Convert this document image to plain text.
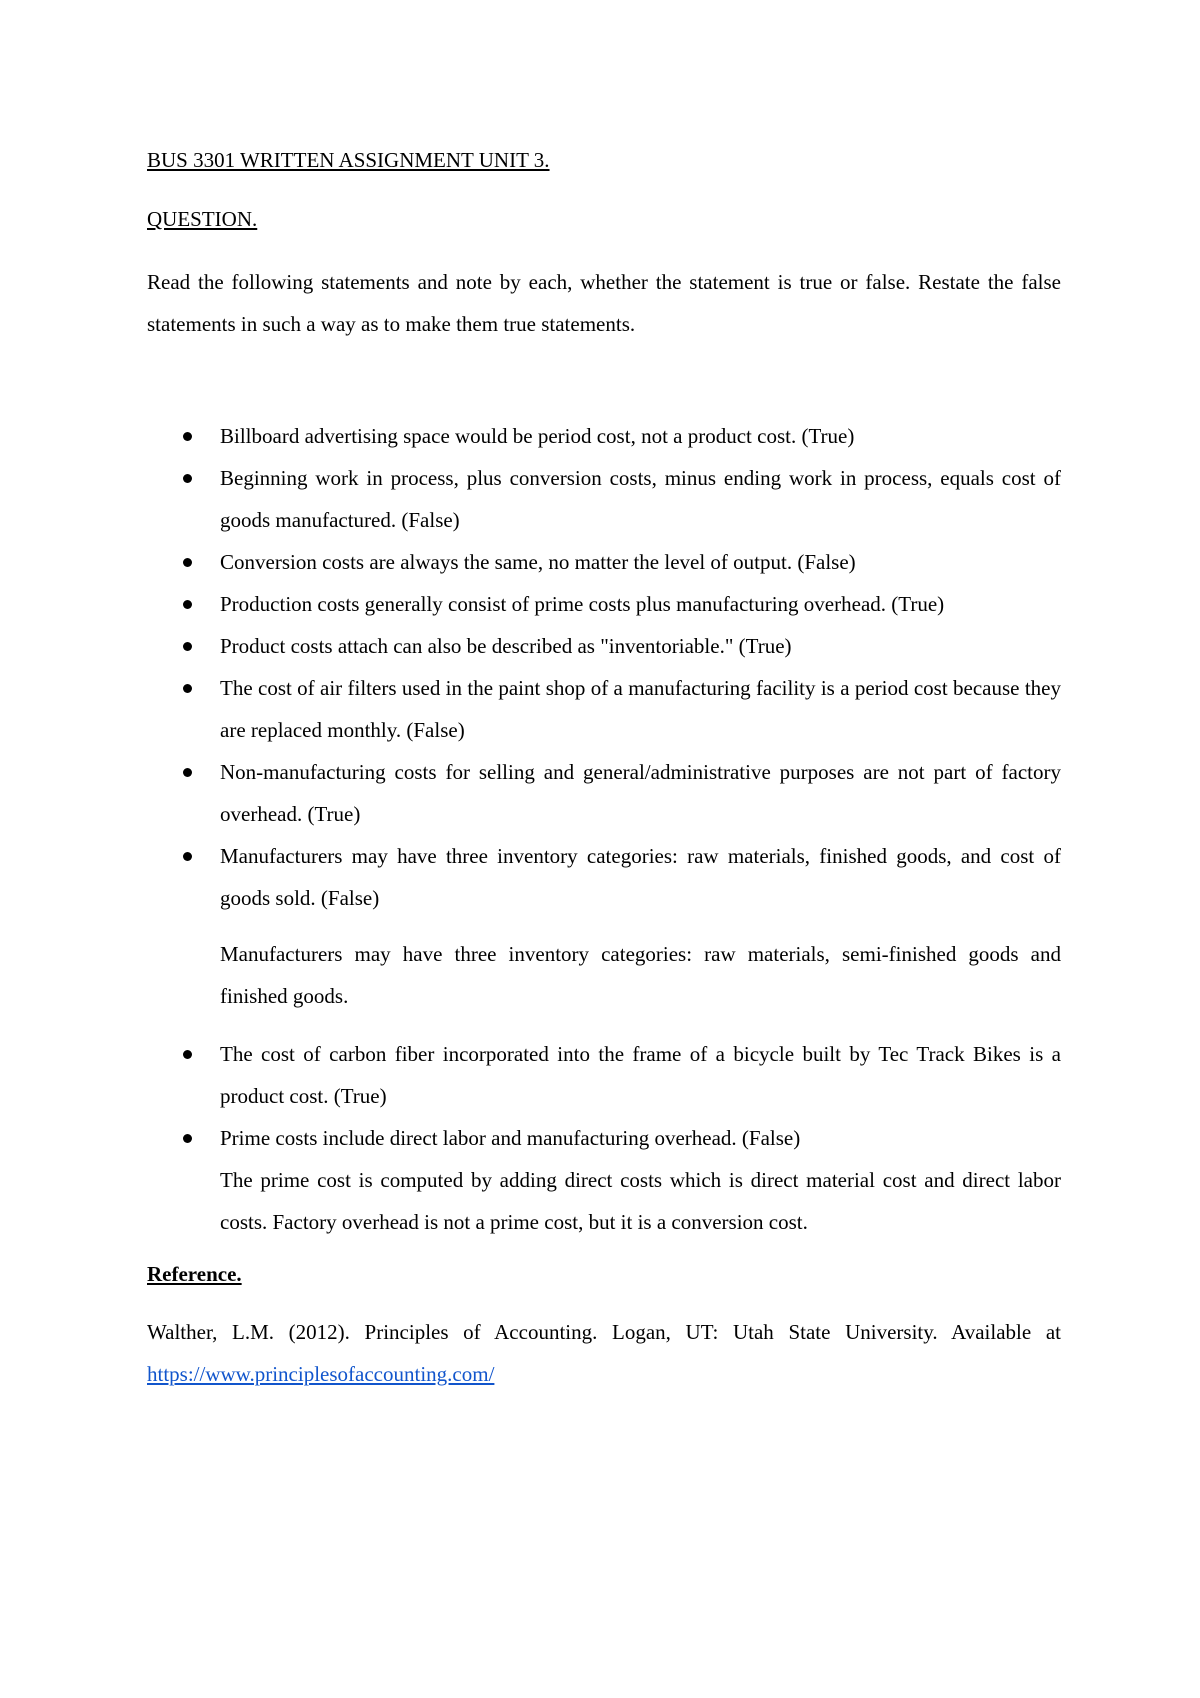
BUS 3301 WRITTEN ASSIGNMENT UNIT 3.

QUESTION.

Read the following statements and note by each, whether the statement is true or false. Restate the false statements in such a way as to make them true statements.

Billboard advertising space would be period cost, not a product cost. (True)
Beginning work in process, plus conversion costs, minus ending work in process, equals cost of goods manufactured. (False)
Conversion costs are always the same, no matter the level of output. (False)
Production costs generally consist of prime costs plus manufacturing overhead. (True)
Product costs attach can also be described as "inventoriable." (True)
The cost of air filters used in the paint shop of a manufacturing facility is a period cost because they are replaced monthly. (False)
Non-manufacturing costs for selling and general/administrative purposes are not part of factory overhead. (True)
Manufacturers may have three inventory categories: raw materials, finished goods, and cost of goods sold. (False)
Manufacturers may have three inventory categories: raw materials, semi-finished goods and finished goods.
The cost of carbon fiber incorporated into the frame of a bicycle built by Tec Track Bikes is a product cost. (True)
Prime costs include direct labor and manufacturing overhead. (False)
The prime cost is computed by adding direct costs which is direct material cost and direct labor costs. Factory overhead is not a prime cost, but it is a conversion cost.

Reference.

Walther, L.M. (2012). Principles of Accounting. Logan, UT: Utah State University. Available at https://www.principlesofaccounting.com/
